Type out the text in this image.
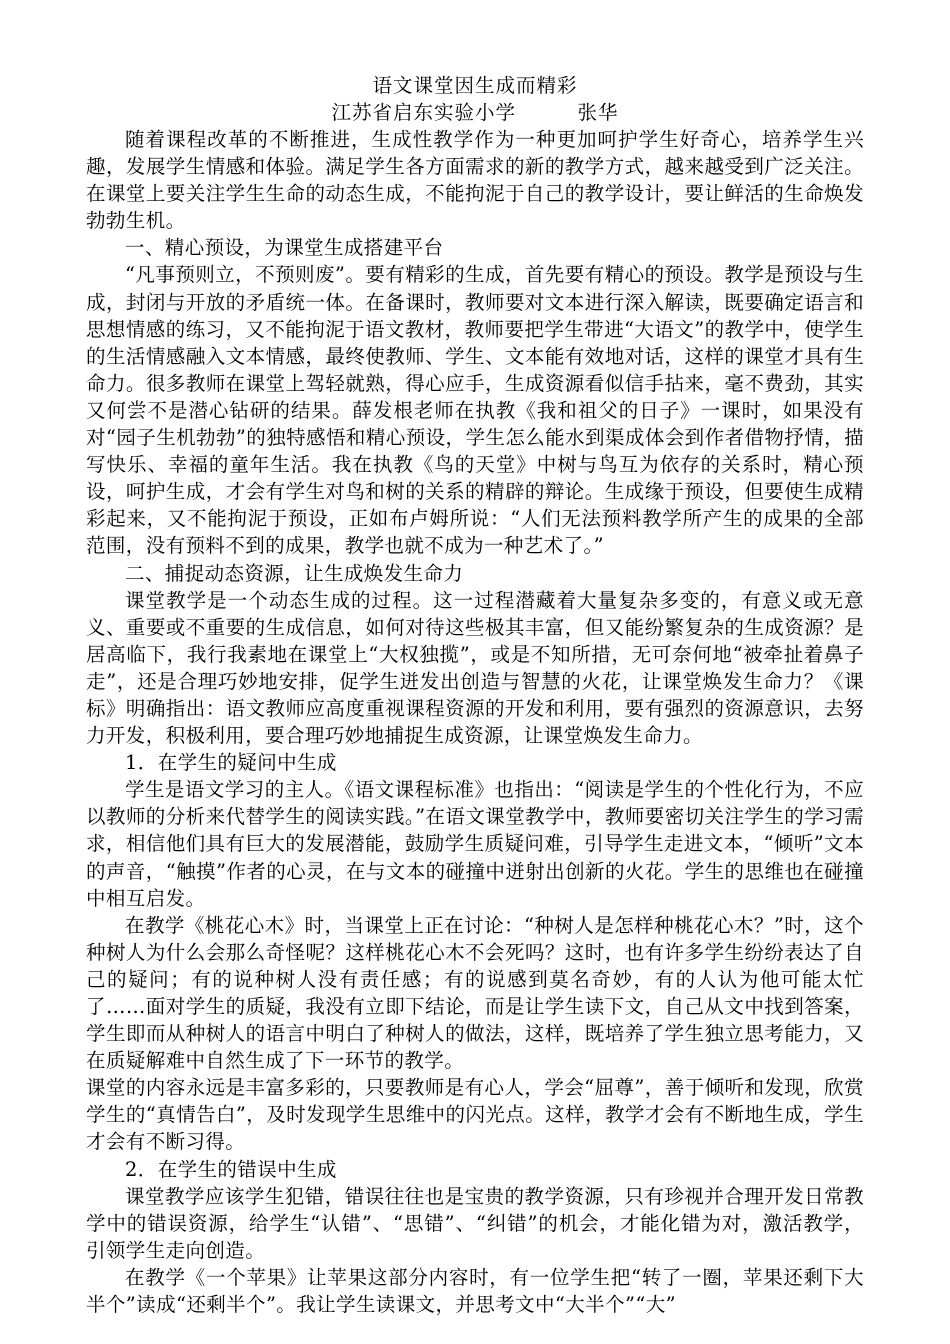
语文课堂因生成而精彩
江苏省启东实验小学　　　张华

随着课程改革的不断推进，生成性教学作为一种更加呵护学生好奇心，培养学生兴趣，发展学生情感和体验。满足学生各方面需求的新的教学方式，越来越受到广泛关注。在课堂上要关注学生生命的动态生成，不能拘泥于自己的教学设计，要让鲜活的生命焕发勃勃生机。

一、精心预设，为课堂生成搭建平台

“凡事预则立，不预则废”。要有精彩的生成，首先要有精心的预设。教学是预设与生成，封闭与开放的矛盾统一体。在备课时，教师要对文本进行深入解读，既要确定语言和思想情感的练习，又不能拘泥于语文教材，教师要把学生带进“大语文”的教学中，使学生的生活情感融入文本情感，最终使教师、学生、文本能有效地对话，这样的课堂才具有生命力。很多教师在课堂上驾轻就熟，得心应手，生成资源看似信手拈来，毫不费劲，其实又何尝不是潜心钻研的结果。薛发根老师在执教《我和祖父的日子》一课时，如果没有对“园子生机勃勃”的独特感悟和精心预设，学生怎么能水到渠成体会到作者借物抒情，描写快乐、幸福的童年生活。我在执教《鸟的天堂》中树与鸟互为依存的关系时，精心预设，呵护生成，才会有学生对鸟和树的关系的精辟的辩论。生成缘于预设，但要使生成精彩起来，又不能拘泥于预设，正如布卢姆所说：“人们无法预料教学所产生的成果的全部范围，没有预料不到的成果，教学也就不成为一种艺术了。”

二、捕捉动态资源，让生成焕发生命力

课堂教学是一个动态生成的过程。这一过程潜藏着大量复杂多变的，有意义或无意义、重要或不重要的生成信息，如何对待这些极其丰富，但又能纷繁复杂的生成资源？是居高临下，我行我素地在课堂上“大权独揽”，或是不知所措，无可奈何地“被牵扯着鼻子走”，还是合理巧妙地安排，促学生迸发出创造与智慧的火花，让课堂焕发生命力？《课标》明确指出：语文教师应高度重视课程资源的开发和利用，要有强烈的资源意识，去努力开发，积极利用，要合理巧妙地捕捉生成资源，让课堂焕发生命力。

1．在学生的疑问中生成

学生是语文学习的主人。《语文课程标准》也指出：“阅读是学生的个性化行为，不应以教师的分析来代替学生的阅读实践。”在语文课堂教学中，教师要密切关注学生的学习需求，相信他们具有巨大的发展潜能，鼓励学生质疑问难，引导学生走进文本，“倾听”文本的声音，“触摸”作者的心灵，在与文本的碰撞中迸射出创新的火花。学生的思维也在碰撞中相互启发。

在教学《桃花心木》时，当课堂上正在讨论：“种树人是怎样种桃花心木？”时，这个种树人为什么会那么奇怪呢？这样桃花心木不会死吗？这时，也有许多学生纷纷表达了自己的疑问；有的说种树人没有责任感；有的说感到莫名奇妙，有的人认为他可能太忙了……面对学生的质疑，我没有立即下结论，而是让学生读下文，自己从文中找到答案，学生即而从种树人的语言中明白了种树人的做法，这样，既培养了学生独立思考能力，又在质疑解难中自然生成了下一环节的教学。

课堂的内容永远是丰富多彩的，只要教师是有心人，学会“屈尊”，善于倾听和发现，欣赏学生的“真情告白”，及时发现学生思维中的闪光点。这样，教学才会有不断地生成，学生才会有不断习得。

2．在学生的错误中生成

课堂教学应该学生犯错，错误往往也是宝贵的教学资源，只有珍视并合理开发日常教学中的错误资源，给学生“认错”、“思错”、“纠错”的机会，才能化错为对，激活教学，引领学生走向创造。

在教学《一个苹果》让苹果这部分内容时，有一位学生把“转了一圈，苹果还剩下大半个”读成“还剩半个”。我让学生读课文，并思考文中“大半个”“大”
